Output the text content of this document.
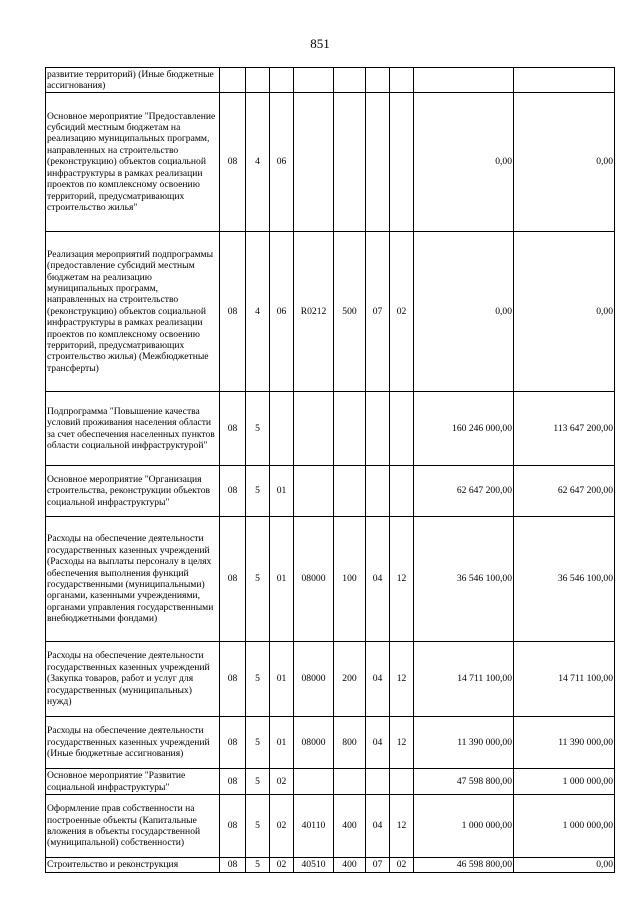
851
развитие территорий) (Иные бюджетные ассигнования)									
Основное мероприятие "Предоставление субсидий местным бюджетам на реализацию муниципальных программ, направленных на строительство (реконструкцию) объектов социальной инфраструктуры в рамках реализации проектов по комплексному освоению территорий, предусматривающих строительство жилья"	08	4	06					0,00	0,00
Реализация мероприятий подпрограммы (предоставление субсидий местным бюджетам на реализацию муниципальных программ, направленных на строительство (реконструкцию) объектов социальной инфраструктуры в рамках реализации проектов по комплексному освоению территорий, предусматривающих строительство жилья) (Межбюджетные трансферты)	08	4	06	R0212	500	07	02	0,00	0,00
Подпрограмма "Повышение качества условий проживания населения области за счет обеспечения населенных пунктов области социальной инфраструктурой"	08	5						160 246 000,00	113 647 200,00
Основное мероприятие "Организация строительства, реконструкции объектов социальной инфраструктуры"	08	5	01					62 647 200,00	62 647 200,00
Расходы на обеспечение деятельности государственных казенных учреждений (Расходы на выплаты персоналу в целях обеспечения выполнения функций государственными (муниципальными) органами, казенными учреждениями, органами управления государственными внебюджетными фондами)	08	5	01	08000	100	04	12	36 546 100,00	36 546 100,00
Расходы на обеспечение деятельности государственных казенных учреждений (Закупка товаров, работ и услуг для государственных (муниципальных) нужд)	08	5	01	08000	200	04	12	14 711 100,00	14 711 100,00
Расходы на обеспечение деятельности государственных казенных учреждений (Иные бюджетные ассигнования)	08	5	01	08000	800	04	12	11 390 000,00	11 390 000,00
Основное мероприятие "Развитие социальной инфраструктуры"	08	5	02					47 598 800,00	1 000 000,00
Оформление прав собственности на построенные объекты (Капитальные вложения в объекты государственной (муниципальной) собственности)	08	5	02	40110	400	04	12	1 000 000,00	1 000 000,00
Строительство и реконструкция	08	5	02	40510	400	07	02	46 598 800,00	0,00
